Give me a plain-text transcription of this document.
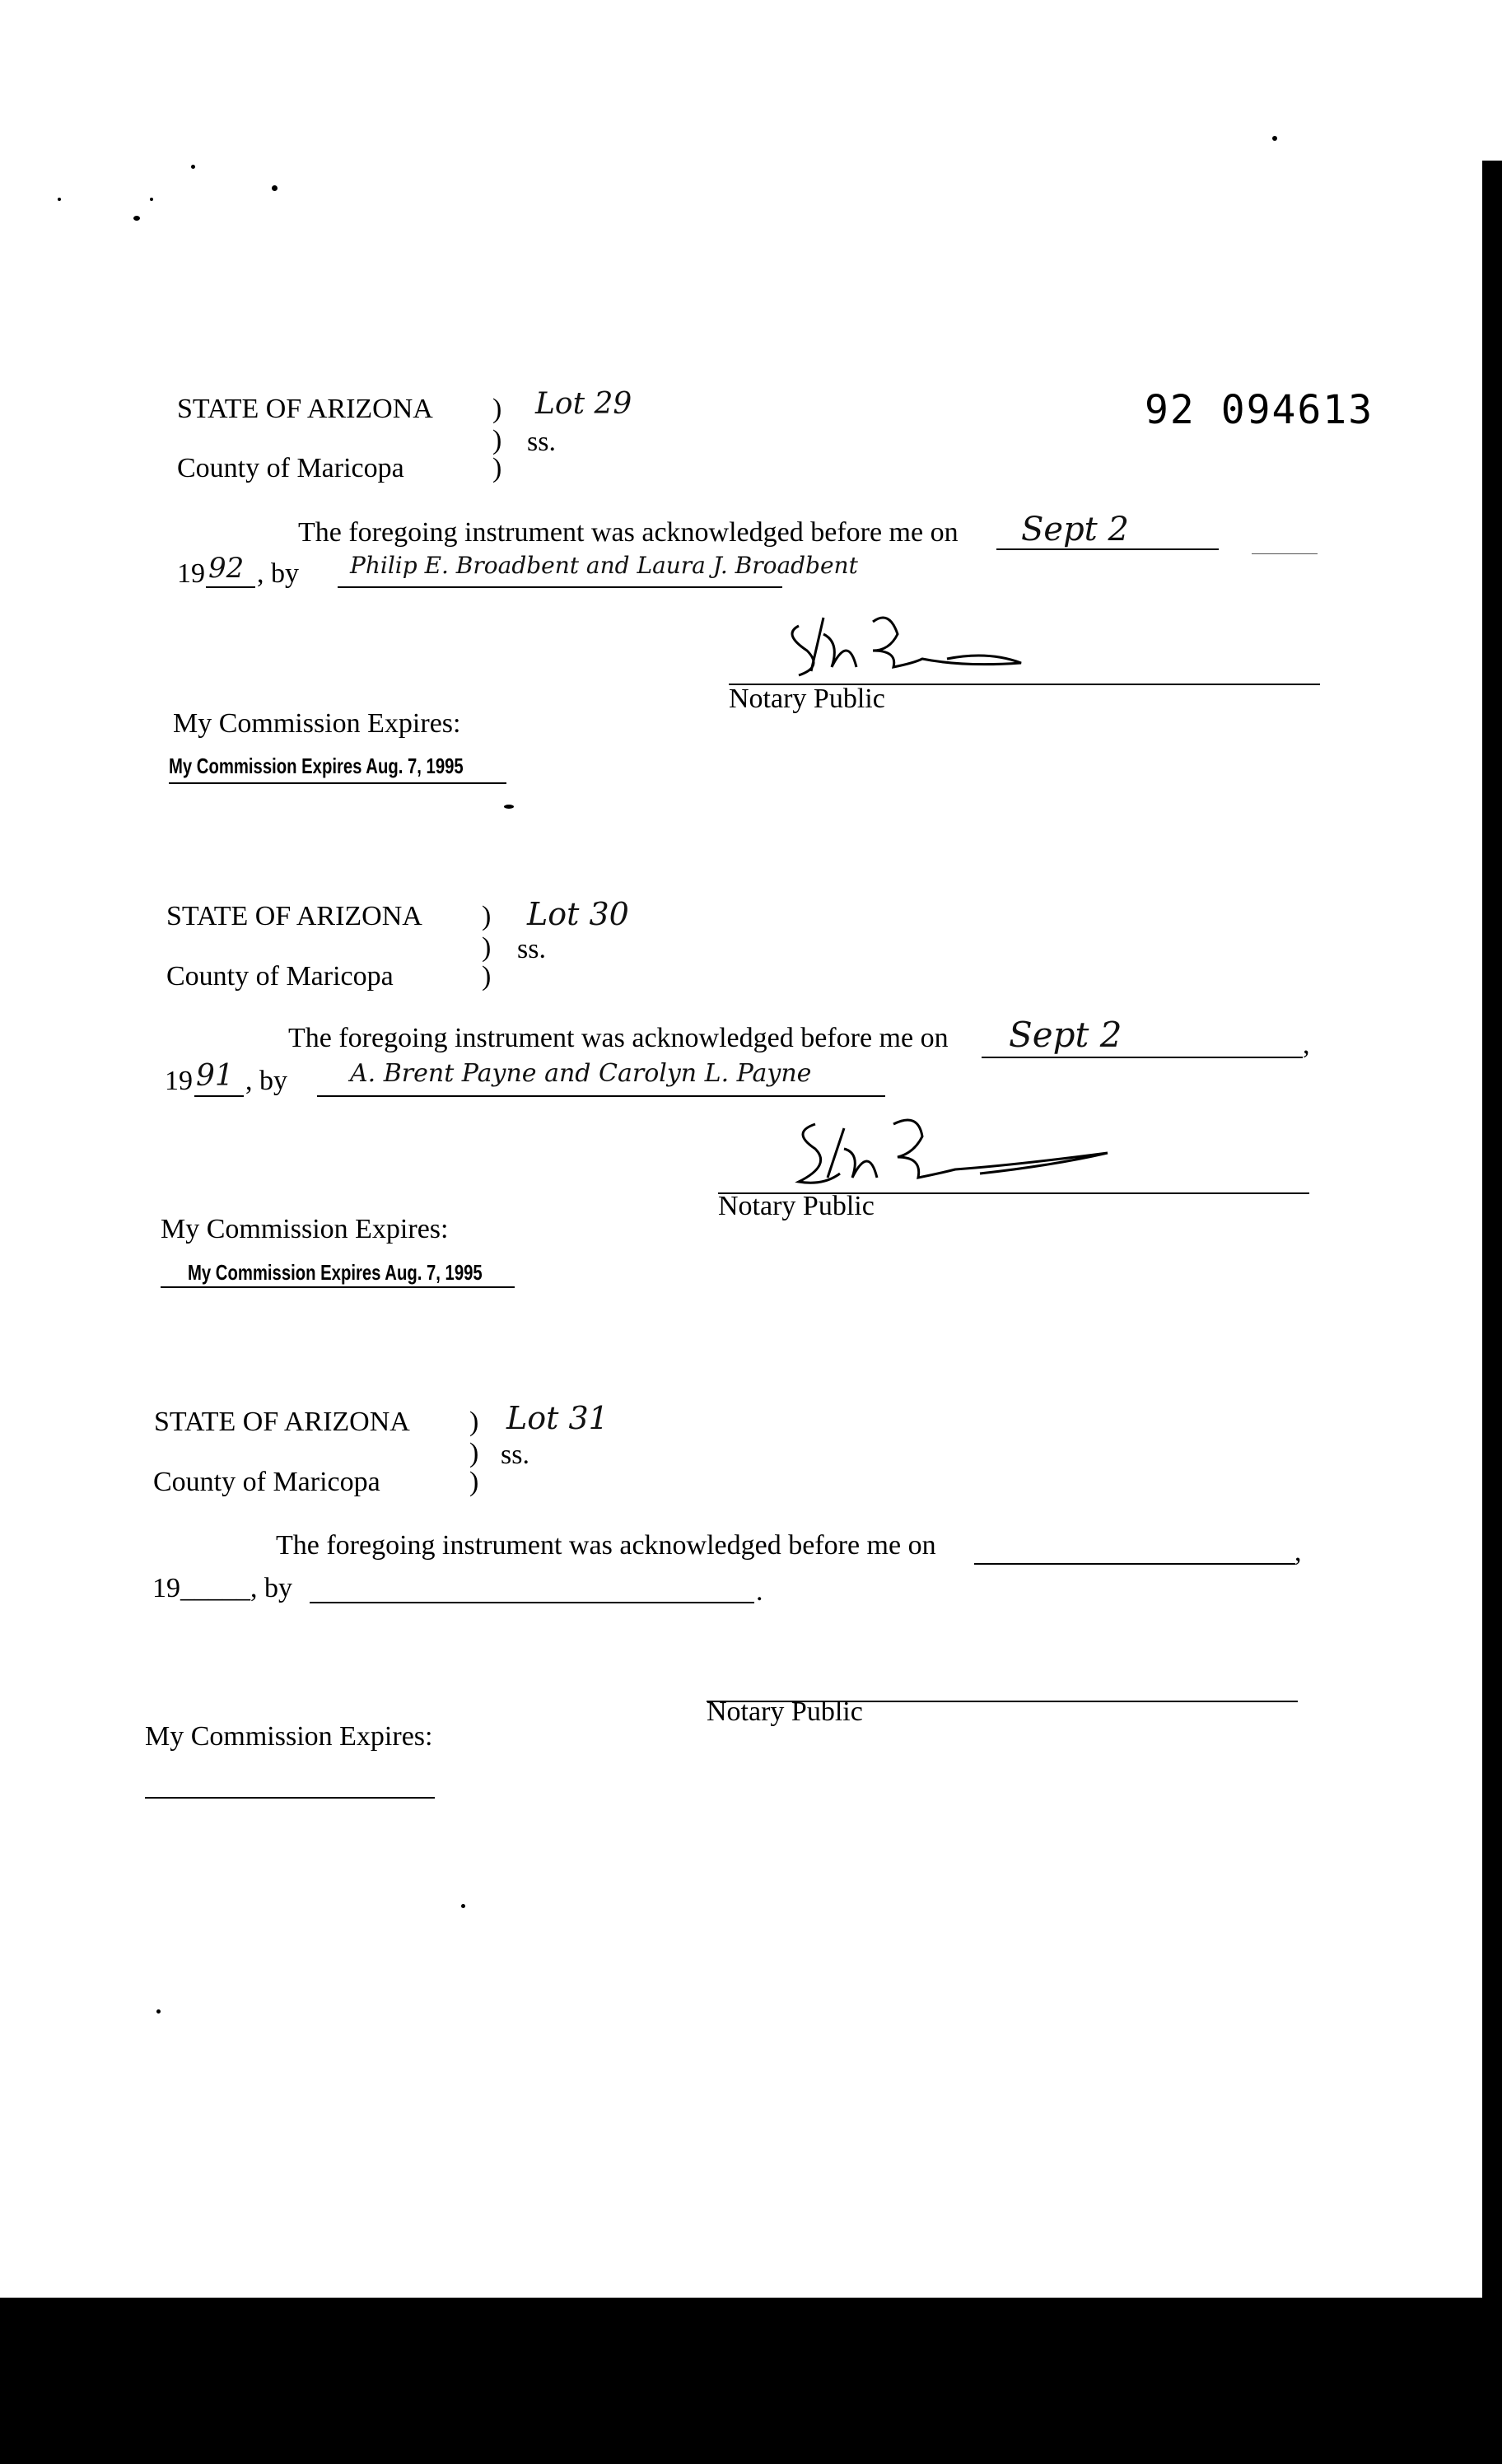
92 094613
STATE OF ARIZONA ) Lot 29
) ss.
County of Maricopa	)
The foregoing instrument was acknowledged before me on Sept 2
19 92 , by Philip E. Broadbent and Laura J. Broadbent
Notary Public
My Commission Expires:
My Commission Expires Aug. 7, 1995
STATE OF ARIZONA ) Lot 30
) ss.
County of Maricopa	)
The foregoing instrument was acknowledged before me on Sept 2	,
19 91 , by	A. Brent Payne and Carolyn L. Payne
Notary Public
My Commission Expires:
My Commission Expires Aug. 7, 1995
STATE OF ARIZONA ) Lot 31
) ss.
County of Maricopa	)
The foregoing instrument was acknowledged before me on	,
19_____, by	.
Notary Public
My Commission Expires:
